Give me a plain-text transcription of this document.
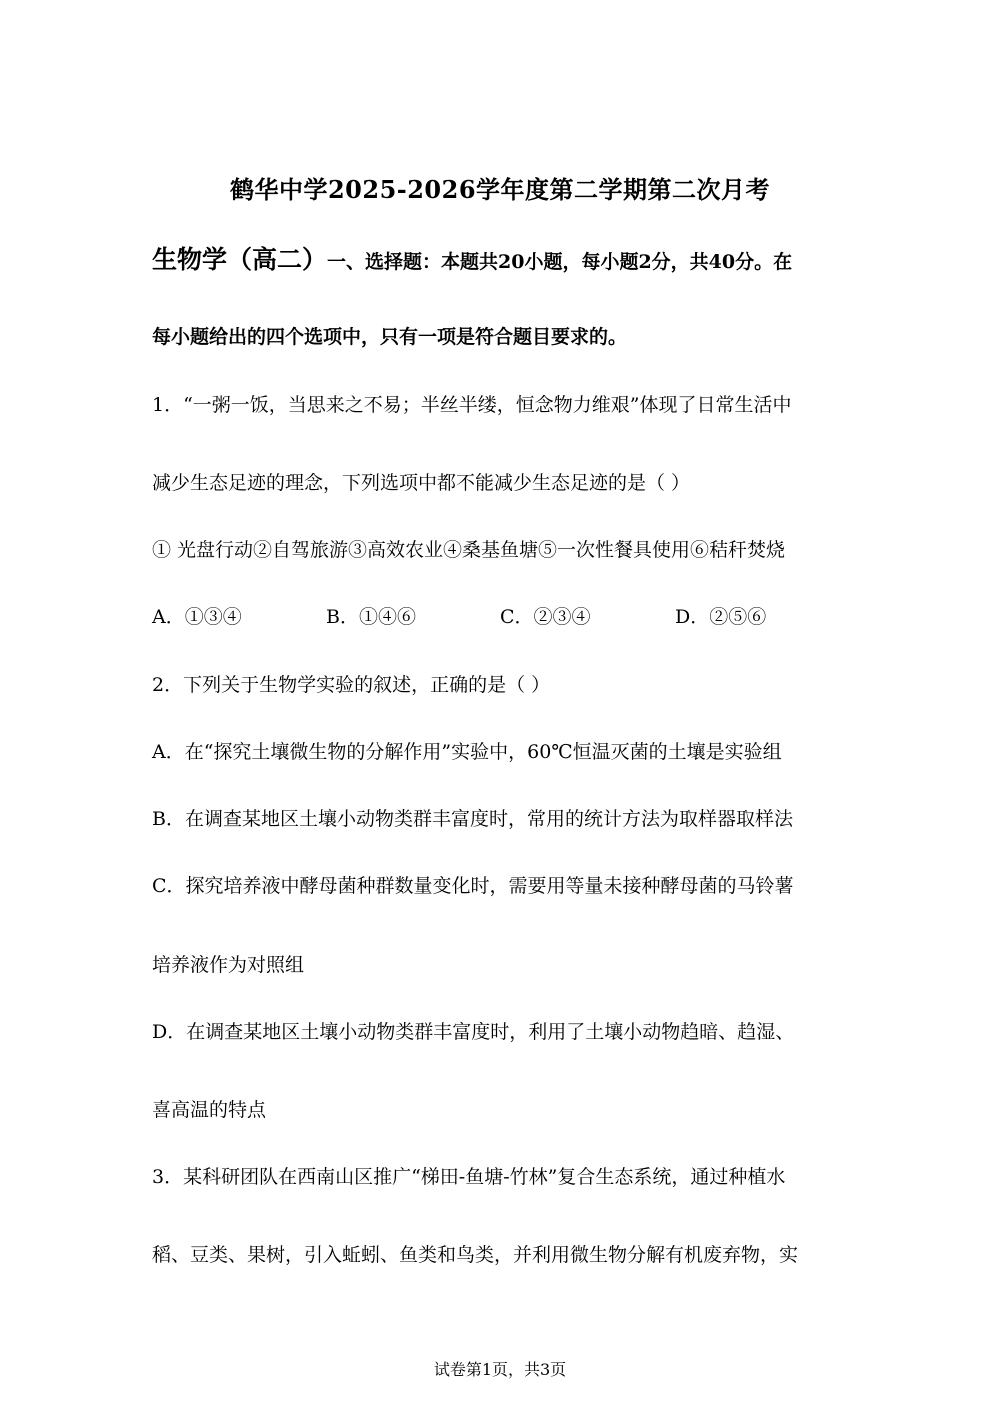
鹤华中学2025-2026学年度第二学期第二次月考
生物学（高二）一、选择题：本题共20小题，每小题2分，共40分。在
每小题给出的四个选项中，只有一项是符合题目要求的。
1．“一粥一饭，当思来之不易；半丝半缕，恒念物力维艰”体现了日常生活中
减少生态足迹的理念，下列选项中都不能减少生态足迹的是（ ）
① 光盘行动②自驾旅游③高效农业④桑基鱼塘⑤一次性餐具使用⑥秸秆焚烧
A．①③④	B．①④⑥	C．②③④	D．②⑤⑥
2．下列关于生物学实验的叙述，正确的是（ ）
A．在“探究土壤微生物的分解作用”实验中，60℃恒温灭菌的土壤是实验组
B．在调查某地区土壤小动物类群丰富度时，常用的统计方法为取样器取样法
C．探究培养液中酵母菌种群数量变化时，需要用等量未接种酵母菌的马铃薯
培养液作为对照组
D．在调查某地区土壤小动物类群丰富度时，利用了土壤小动物趋暗、趋湿、
喜高温的特点
3．某科研团队在西南山区推广“梯田-鱼塘-竹林”复合生态系统，通过种植水
稻、豆类、果树，引入蚯蚓、鱼类和鸟类，并利用微生物分解有机废弃物，实
试卷第1页，共3页
